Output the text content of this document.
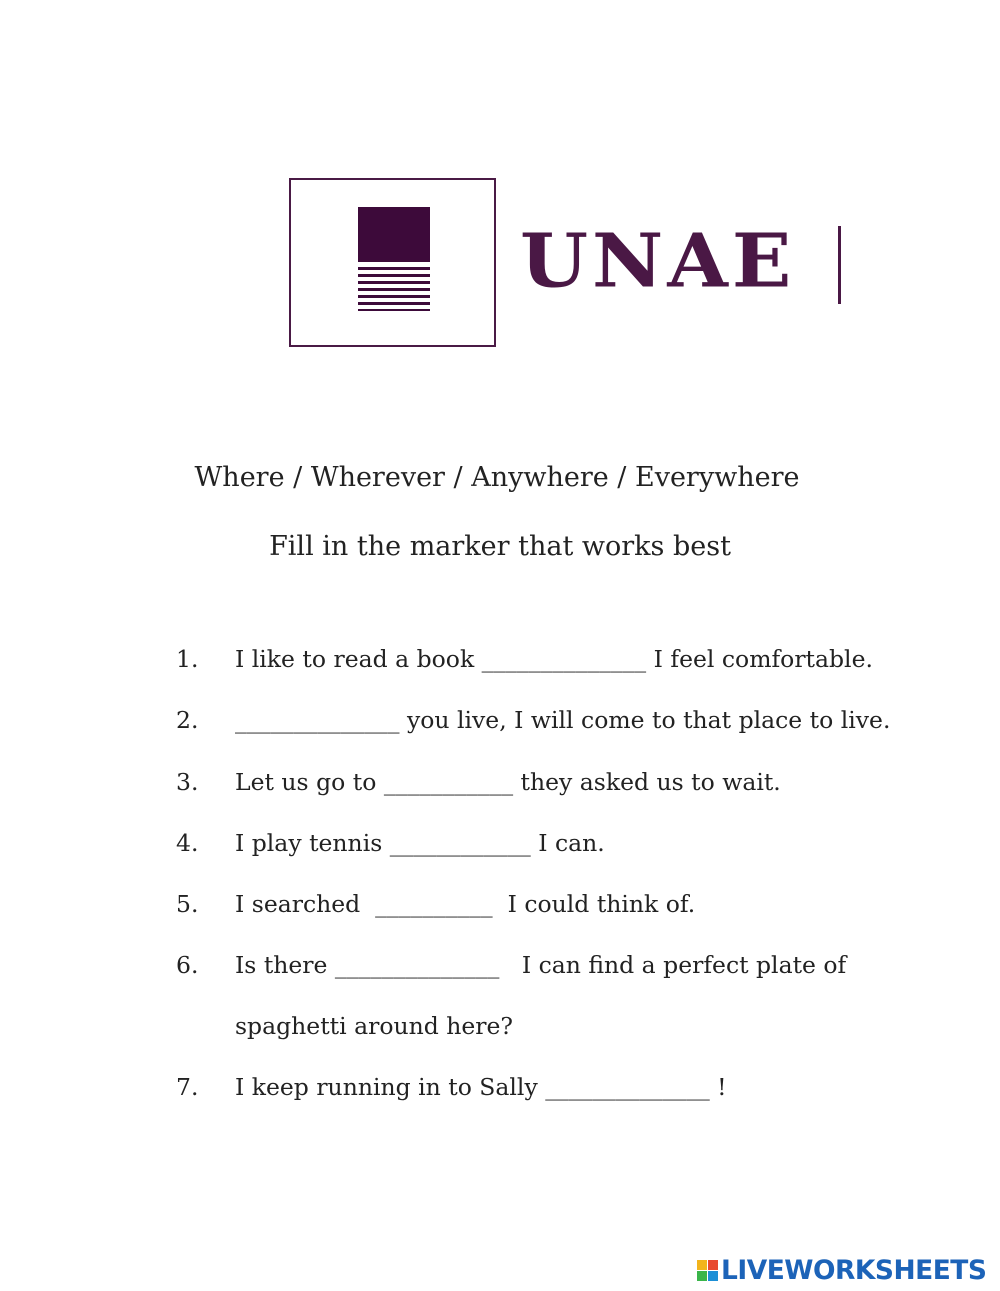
UNAE
Where / Wherever / Anywhere / Everywhere
Fill in the marker that works best
1. I like to read a book ______________ I feel comfortable.
2. ______________ you live, I will come to that place to live.
3. Let us go to ___________ they asked us to wait.
4. I play tennis ____________ I can.
5. I searched  __________  I could think of.
6. Is there ______________   I can find a perfect plate of
spaghetti around here?
7. I keep running in to Sally ______________ !
LIVEWORKSHEETS
